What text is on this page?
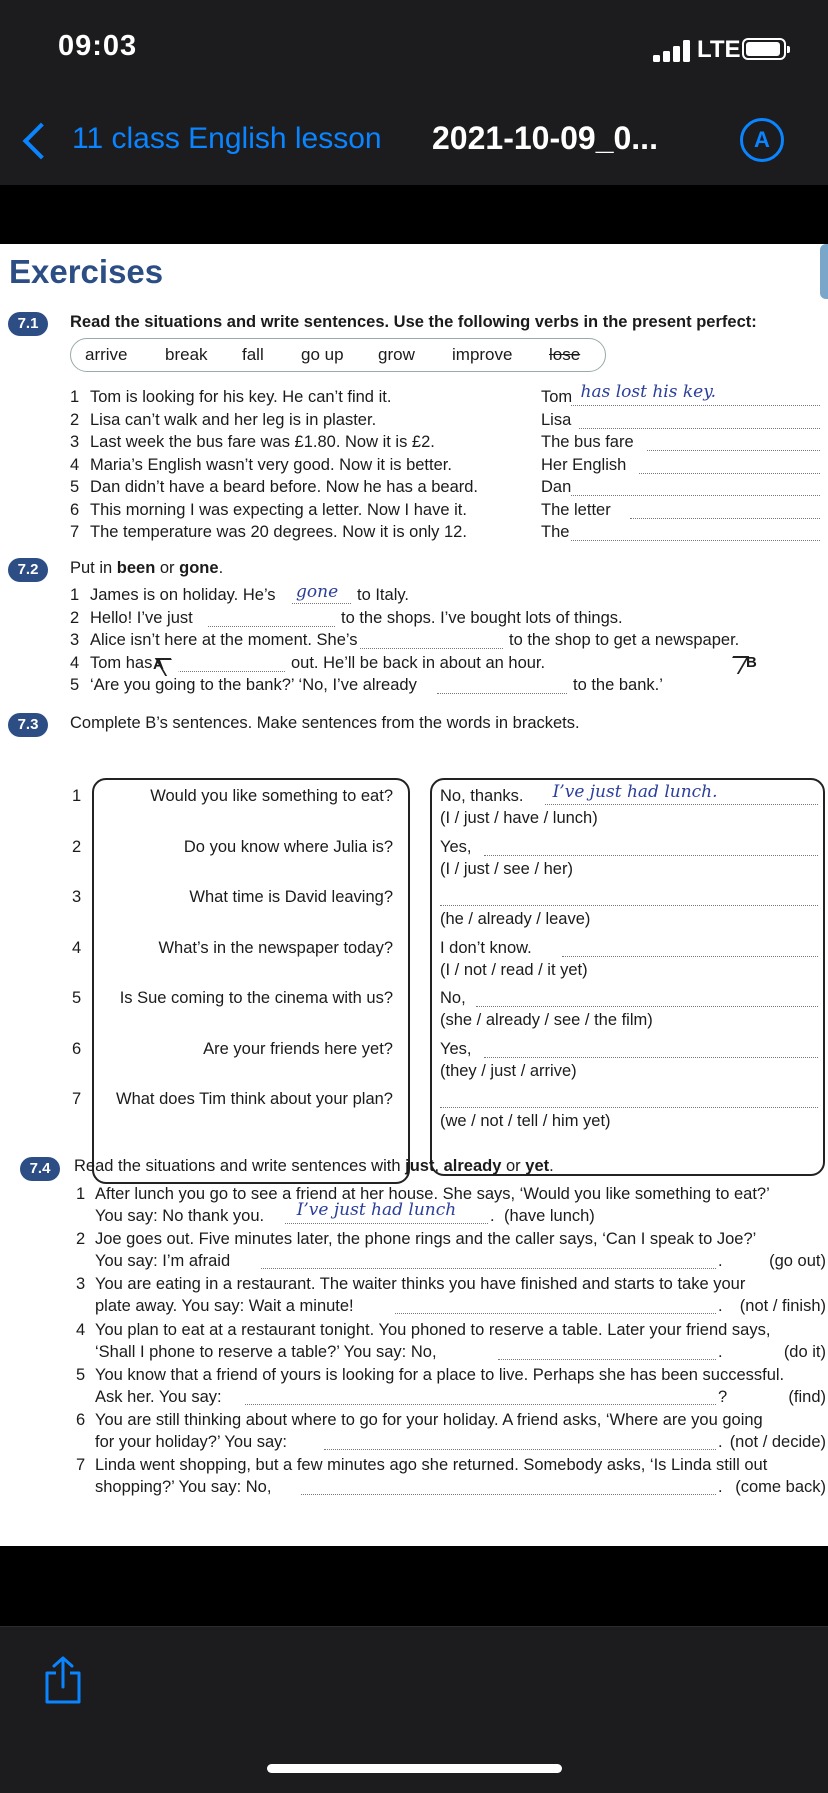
09:03	LTE
11 class English lesson 2021-10-09_0...	A
Exercises
7.1	Read the situations and write sentences. Use the following verbs in the present perfect:
arrive break fall go up grow improve lose
1 Tom is looking for his key. He can’t find it.	Tom has lost his key.
2 Lisa can’t walk and her leg is in plaster.	Lisa
3 Last week the bus fare was £1.80. Now it is £2.	The bus fare
4 Maria’s English wasn’t very good. Now it is better.	Her English
5 Dan didn’t have a beard before. Now he has a beard.	Dan
6 This morning I was expecting a letter. Now I have it.	The letter
7 The temperature was 20 degrees. Now it is only 12.	The
7.2	Put in been or gone.
1 James is on holiday. He’s gone to Italy.
2 Hello! I’ve just	to the shops. I’ve bought lots of things.
3 Alice isn’t here at the moment. She’s	to the shop to get a newspaper.
4 Tom has	out. He’ll be back in about an hour.
5 ‘Are you going to the bank?’ ‘No, I’ve already	to the bank.’
7.3	Complete B’s sentences. Make sentences from the words in brackets.
A	B
1	Would you like something to eat?	No, thanks. I’ve just had lunch.
(I / just / have / lunch)
2	Do you know where Julia is?	Yes,
(I / just / see / her)
3	What time is David leaving?
(he / already / leave)
4	What’s in the newspaper today?	I don’t know.
(I / not / read / it yet)
5 Is Sue coming to the cinema with us?	No,
(she / already / see / the film)
6	Are your friends here yet?	Yes,
(they / just / arrive)
7 What does Tim think about your plan?
(we / not / tell / him yet)
7.4	Read the situations and write sentences with just, already or yet.
1 After lunch you go to see a friend at her house. She says, ‘Would you like something to eat?’
You say: No thank you. I’ve just had lunch . (have lunch)
2 Joe goes out. Five minutes later, the phone rings and the caller says, ‘Can I speak to Joe?’
You say: I’m afraid	.	(go out)
3 You are eating in a restaurant. The waiter thinks you have finished and starts to take your
plate away. You say: Wait a minute!	. (not / finish)
4 You plan to eat at a restaurant tonight. You phoned to reserve a table. Later your friend says,
‘Shall I phone to reserve a table?’ You say: No,	.	(do it)
5 You know that a friend of yours is looking for a place to live. Perhaps she has been successful.
Ask her. You say:	?	(find)
6 You are still thinking about where to go for your holiday. A friend asks, ‘Where are you going
for your holiday?’ You say:	. (not / decide)
7 Linda went shopping, but a few minutes ago she returned. Somebody asks, ‘Is Linda still out
shopping?’ You say: No,	. (come back)
